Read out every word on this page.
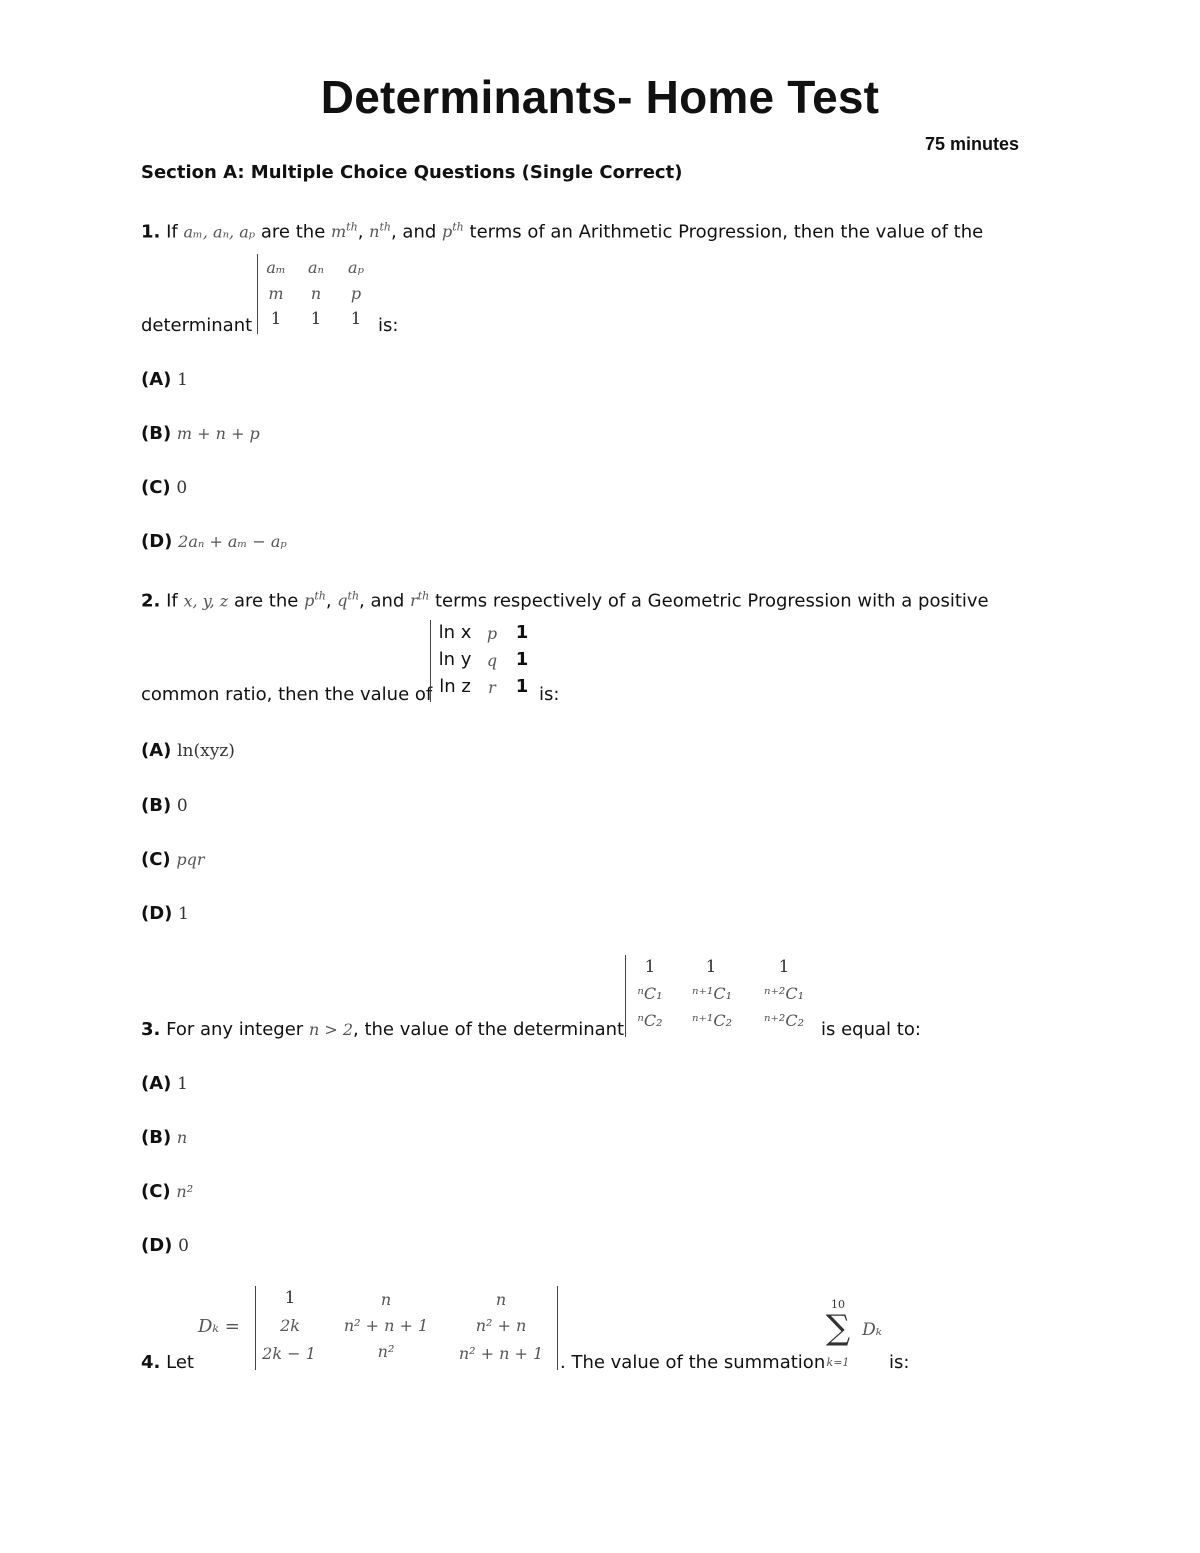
Determinants- Home Test
75 minutes
Section A: Multiple Choice Questions (Single Correct)
1. If aₘ, aₙ, aₚ are the $m^{th}$, $n^{th}$, and $p^{th}$ terms of an Arithmetic Progression, then the value of the
determinant
aₘ	aₙ	aₚ
m	n	p
1	1	1 is:
(A) 1
(B) m + n + p
(C) 0
(D) 2aₙ + aₘ − aₚ
2. If x, y, z are the $p^{th}$, $q^{th}$, and $r^{th}$ terms respectively of a Geometric Progression with a positive
common ratio, then the value of
ln x p	1
ln y q	1
ln z	r	1 is:
(A) ln(xyz)
(B) 0
(C) pqr
(D) 1
3. For any integer n > 2, the value of the determinant
1	1	1
ⁿC₁	ⁿ⁺¹C₁	ⁿ⁺²C₁
ⁿC₂	ⁿ⁺¹C₂	ⁿ⁺²C₂ is equal to:
(A) 1
(B) n
(C) n²
(D) 0
4. Let
Dₖ =
1	n	n
2k	n² + n + 1	n² + n
2k − 1	n²	n² + n + 1 . The value of the summation
10
∑ Dₖ
k=1	is:
